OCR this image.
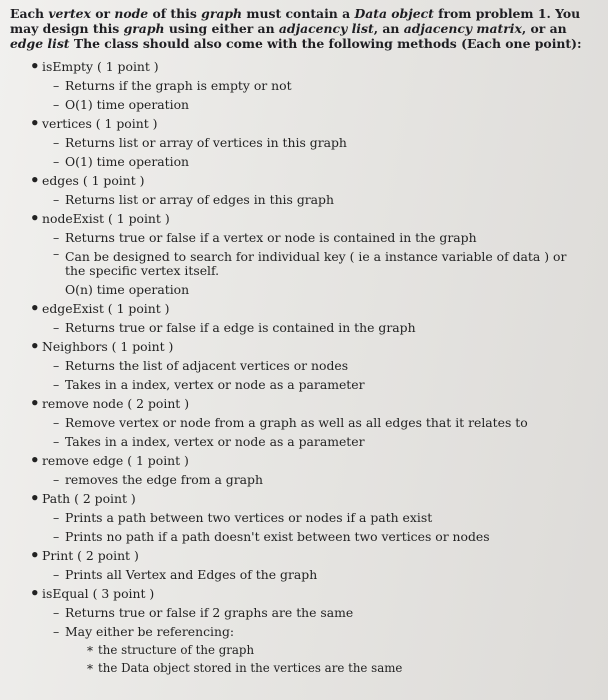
Each vertex or node of this graph must contain a Data object from problem 1. You may design this graph using either an adjacency list, an adjacency matrix, or an edge list The class should also come with the following methods (Each one point):

• isEmpty ( 1 point )
– Returns if the graph is empty or not
– O(1) time operation
• vertices ( 1 point )
– Returns list or array of vertices in this graph
– O(1) time operation
• edges ( 1 point )
– Returns list or array of edges in this graph
• nodeExist ( 1 point )
– Returns true or false if a vertex or node is contained in the graph
– Can be designed to search for individual key ( ie a instance variable of data ) or the specific vertex itself.
O(n) time operation
• edgeExist ( 1 point )
– Returns true or false if a edge is contained in the graph
• Neighbors ( 1 point )
– Returns the list of adjacent vertices or nodes
– Takes in a index, vertex or node as a parameter
• remove node ( 2 point )
– Remove vertex or node from a graph as well as all edges that it relates to
– Takes in a index, vertex or node as a parameter
• remove edge ( 1 point )
– removes the edge from a graph
• Path ( 2 point )
– Prints a path between two vertices or nodes if a path exist
– Prints no path if a path doesn't exist between two vertices or nodes
• Print ( 2 point )
– Prints all Vertex and Edges of the graph
• isEqual ( 3 point )
– Returns true or false if 2 graphs are the same
– May either be referencing:
* the structure of the graph
* the Data object stored in the vertices are the same
